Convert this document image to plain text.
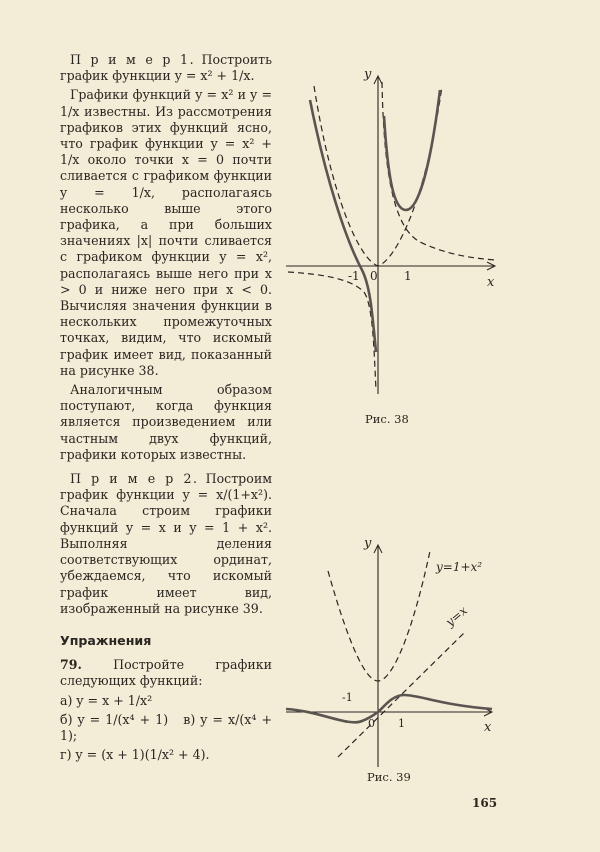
П р и м е р 1. Построить график функции y = x² + 1/x.

Графики функций y = x² и y = 1/x известны. Из рассмотрения графиков этих функций ясно, что график функции y = x² + 1/x около точки x = 0 почти сливается с графиком функции y = 1/x, располагаясь несколько выше этого графика, а при больших значениях |x| почти сливается с графиком функции y = x², располагаясь выше него при x > 0 и ниже него при x < 0. Вычисляя значения функции в нескольких промежуточных точках, видим, что искомый график имеет вид, показанный на рисунке 38.

Аналогичным образом поступают, когда функция является произведением или частным двух функций, графики которых известны.

П р и м е р 2. Построим график функции y = x/(1+x²). Сначала строим графики функций y = x и y = 1 + x². Выполняя деления соответствующих ординат, убеждаемся, что искомый график имеет вид, изображенный на рисунке 39.

Упражнения

79. Постройте графики следующих функций:

а) y = x + 1/x²

б) y = 1/(x⁴ + 1) в) y = x/(x⁴ + 1);

г) y = (x + 1)(1/x² + 4).

y
x
-1 0 1
Рис. 38
y
x
-1
0 1
y=1+x²
y=x
Рис. 39
165
